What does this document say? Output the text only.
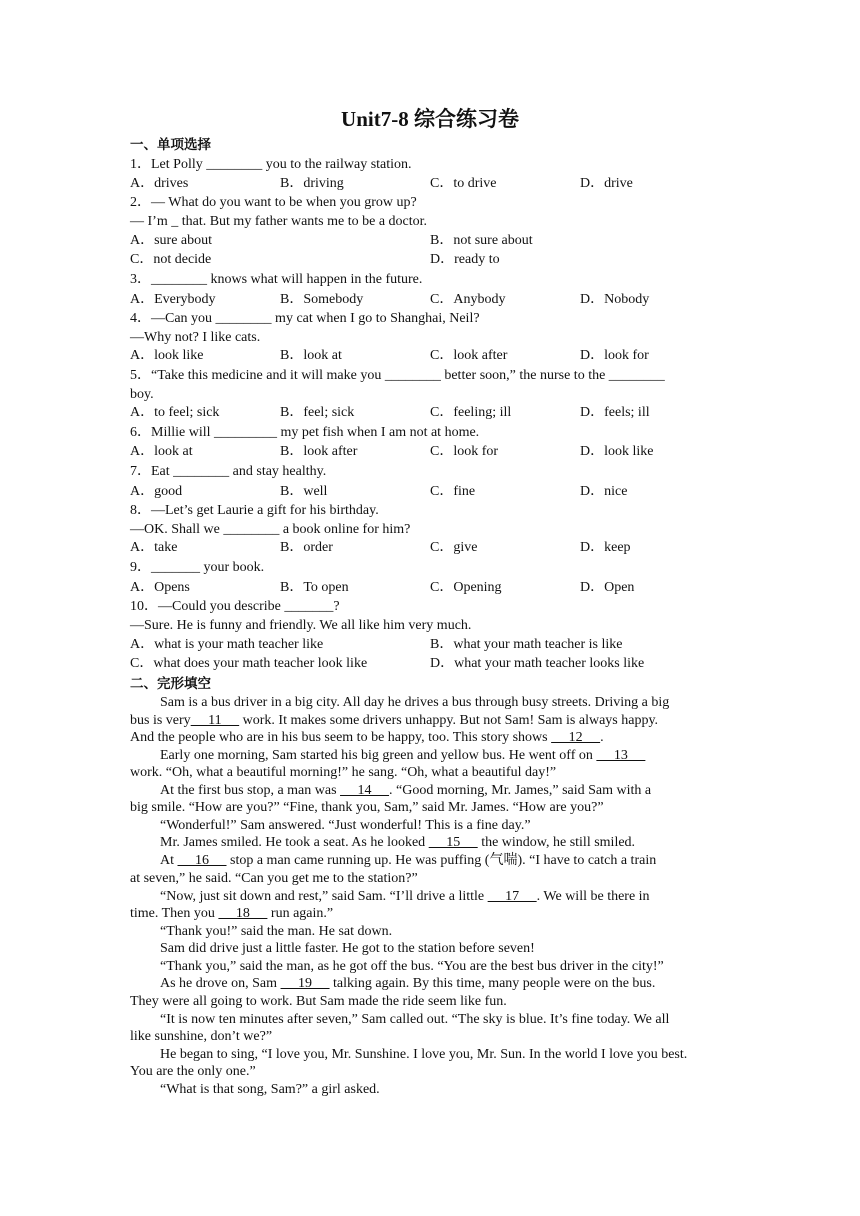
Unit7-8 综合练习卷
一、单项选择
1．Let Polly ________ you to the railway station.
A．drives	B．driving	C．to drive	D．drive
2．— What do you want to be when you grow up?
— I’m _ that. But my father wants me to be a doctor.
A．sure about	B．not sure about
C．not decide	D．ready to
3．________ knows what will happen in the future.
A．Everybody	B．Somebody	C．Anybody	D．Nobody
4．—Can you ________ my cat when I go to Shanghai, Neil?
—Why not? I like cats.
A．look like	B．look at	C．look after	D．look for
5．“Take this medicine and it will make you ________ better soon,” the nurse to the ________
boy.
A．to feel; sick	B．feel; sick	C．feeling; ill	D．feels; ill
6．Millie will _________ my pet fish when I am not at home.
A．look at	B．look after	C．look for	D．look like
7．Eat ________ and stay healthy.
A．good	B．well	C．fine	D．nice
8．—Let’s get Laurie a gift for his birthday.
—OK. Shall we ________ a book online for him?
A．take	B．order	C．give	D．keep
9．_______ your book.
A．Opens	B．To open	C．Opening	D．Open
10．—Could you describe _______?
—Sure. He is funny and friendly. We all like him very much.
A．what is your math teacher like	B．what your math teacher is like
C．what does your math teacher look like	D．what your math teacher looks like
二、完形填空
Sam is a bus driver in a big city. All day he drives a bus through busy streets. Driving a big
bus is very     11      work. It makes some drivers unhappy. But not Sam! Sam is always happy.
And the people who are in his bus seem to be happy, too. This story shows      12     .
Early one morning, Sam started his big green and yellow bus. He went off on      13
work. “Oh, what a beautiful morning!” he sang. “Oh, what a beautiful day!”
At the first bus stop, a man was      14     . “Good morning, Mr. James,” said Sam with a
big smile. “How are you?” “Fine, thank you, Sam,” said Mr. James. “How are you?”
“Wonderful!” Sam answered. “Just wonderful! This is a fine day.”
Mr. James smiled. He took a seat. As he looked      15      the window, he still smiled.
At      16      stop a man came running up. He was puffing (气喘). “I have to catch a train
at seven,” he said. “Can you get me to the station?”
“Now, just sit down and rest,” said Sam. “I’ll drive a little      17     . We will be there in
time. Then you      18      run again.”
“Thank you!” said the man. He sat down.
Sam did drive just a little faster. He got to the station before seven!
“Thank you,” said the man, as he got off the bus. “You are the best bus driver in the city!”
As he drove on, Sam      19      talking again. By this time, many people were on the bus.
They were all going to work. But Sam made the ride seem like fun.
“It is now ten minutes after seven,” Sam called out. “The sky is blue. It’s fine today. We all
like sunshine, don’t we?”
He began to sing, “I love you, Mr. Sunshine. I love you, Mr. Sun. In the world I love you best.
You are the only one.”
“What is that song, Sam?” a girl asked.
